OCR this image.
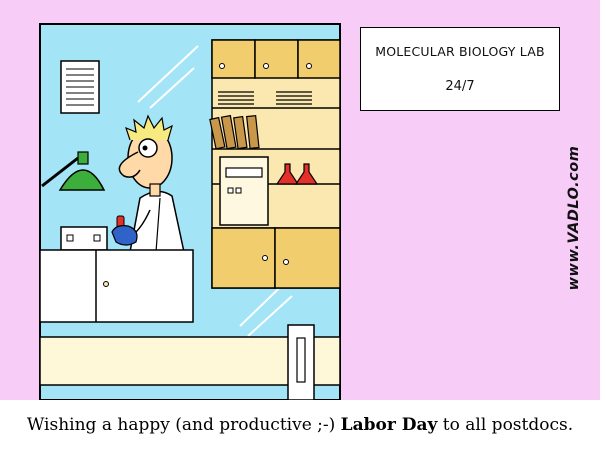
MOLECULAR BIOLOGY LAB
24/7
www.VADLO.com
Wishing a happy (and productive ;-) Labor Day to all postdocs.
